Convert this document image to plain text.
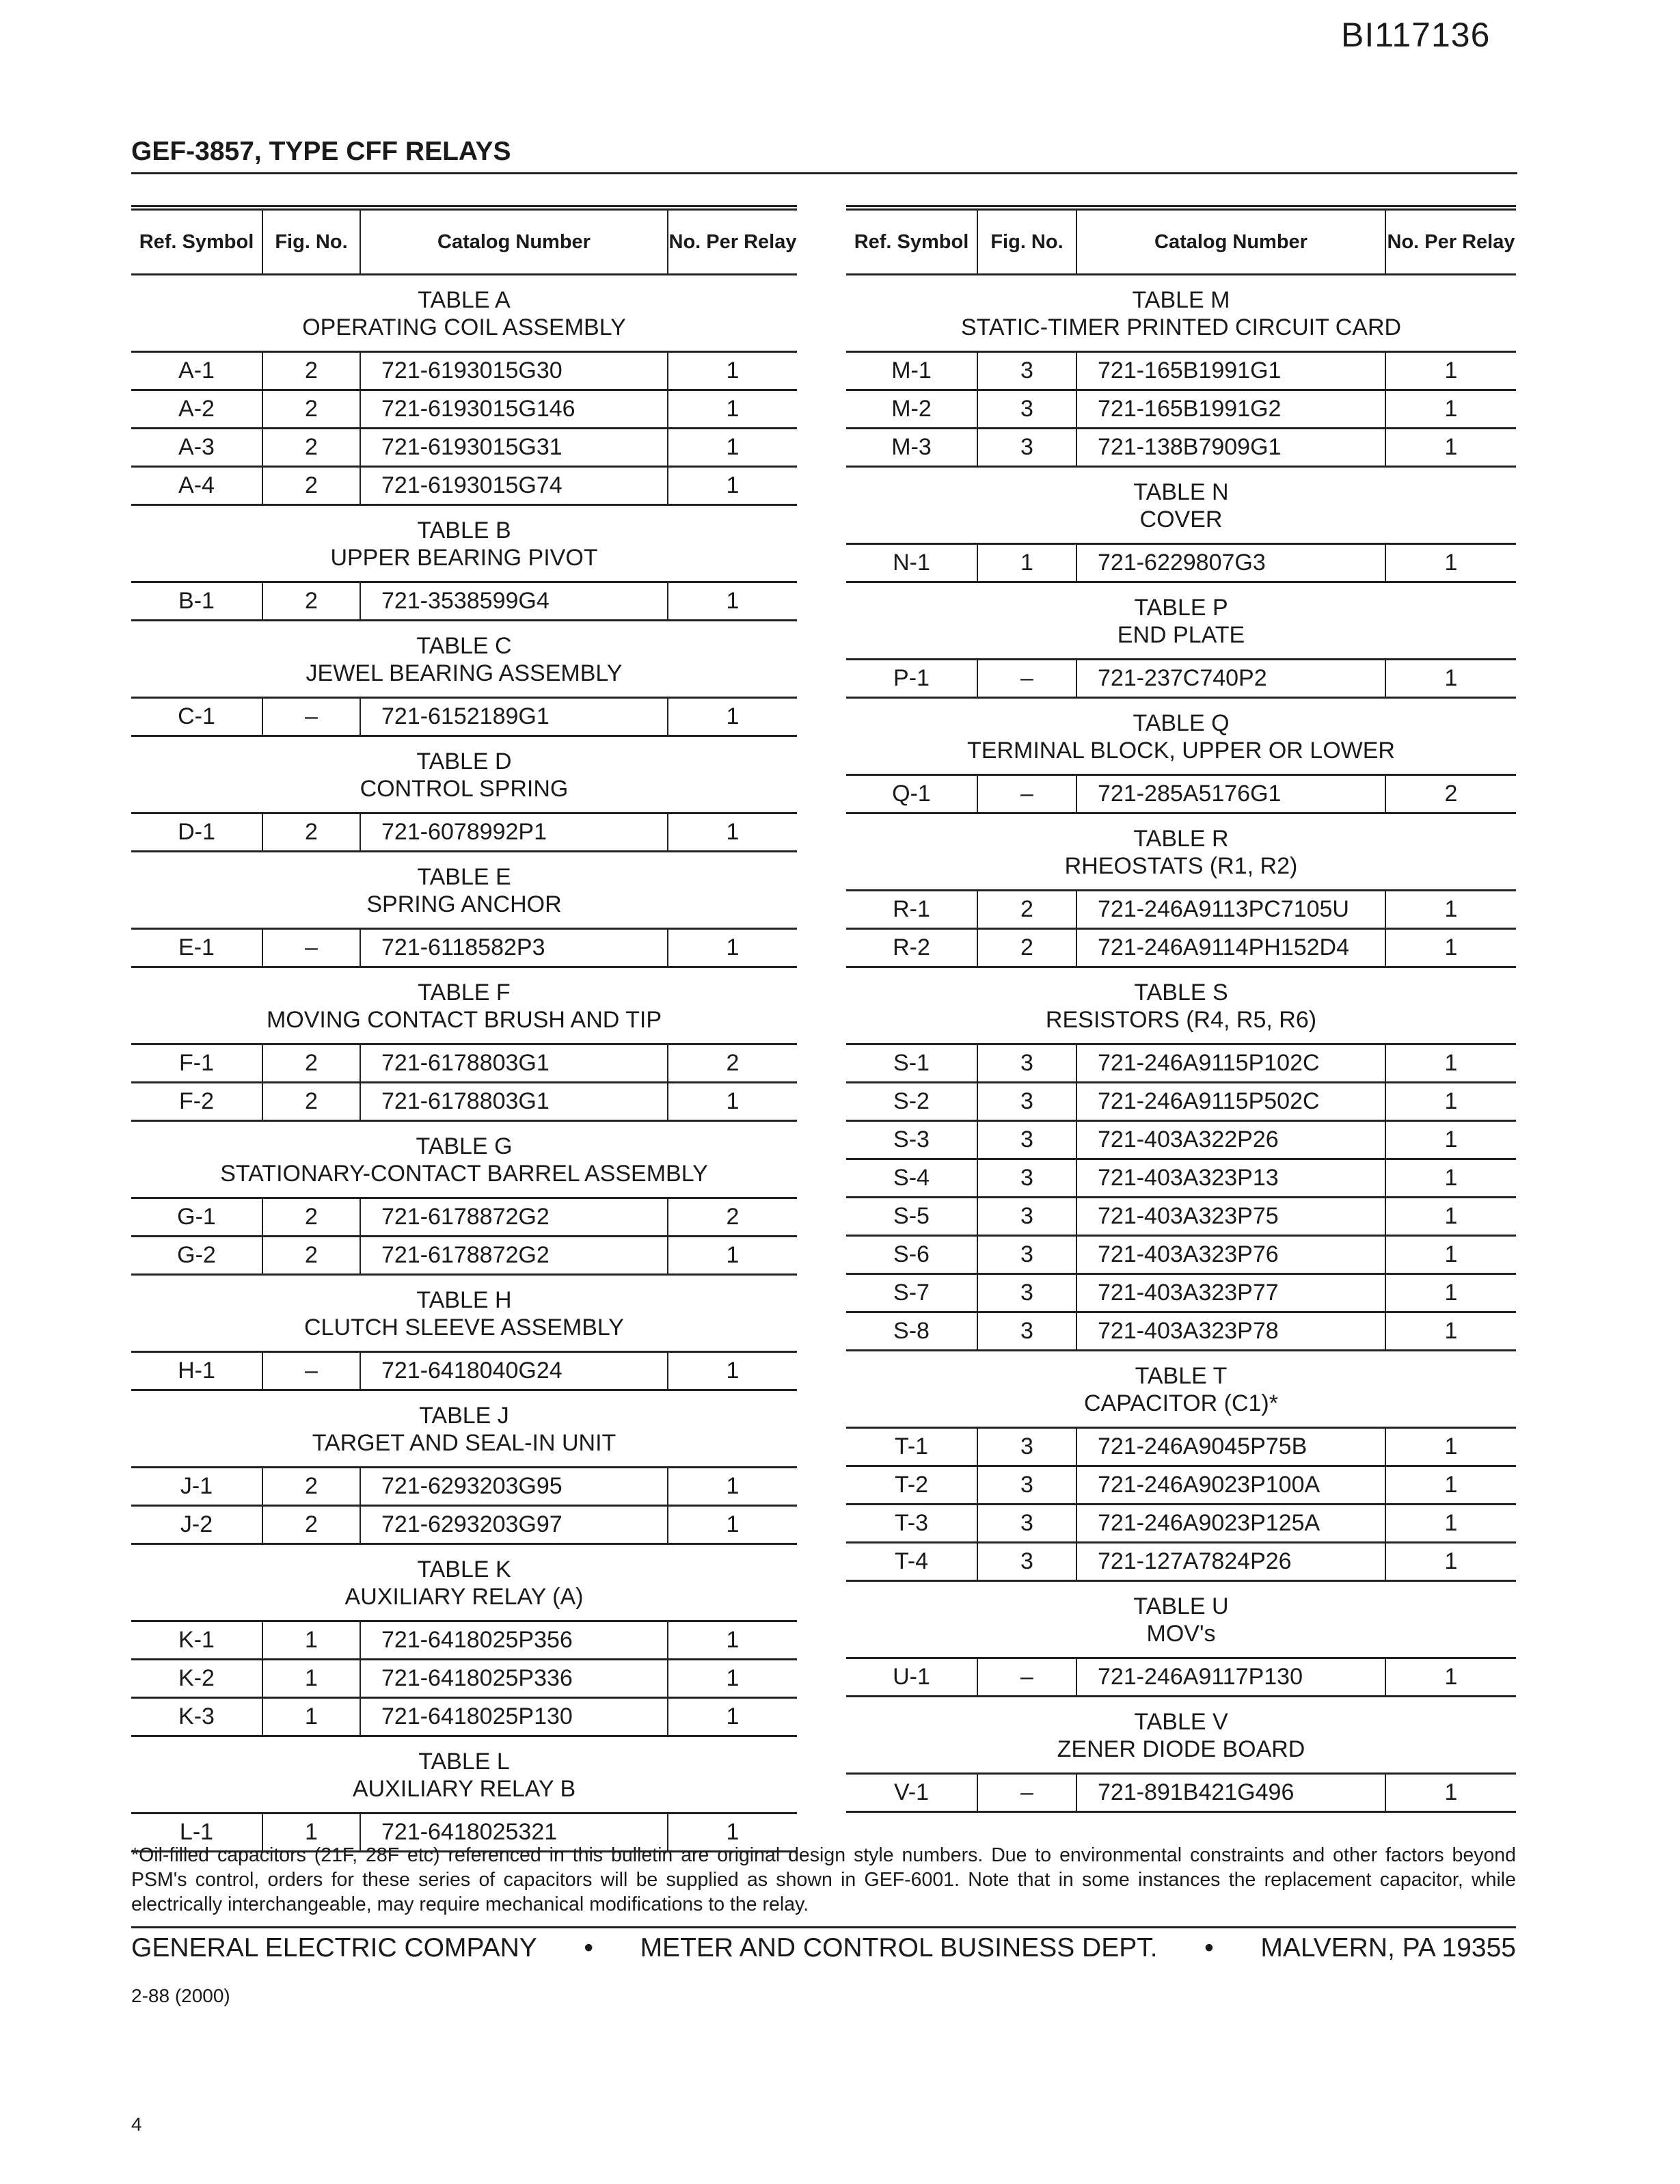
BI117136
GEF-3857, TYPE CFF RELAYS
Ref. Symbol	Fig. No.	Catalog Number	No. Per Relay

TABLE A
OPERATING COIL ASSEMBLY			

A-1	2	721-6193015G30	1
A-2	2	721-6193015G146	1
A-3	2	721-6193015G31	1
A-4	2	721-6193015G74	1

TABLE B
UPPER BEARING PIVOT			

B-1	2	721-3538599G4	1

TABLE C
JEWEL BEARING ASSEMBLY			

C-1	–	721-6152189G1	1

TABLE D
CONTROL SPRING			

D-1	2	721-6078992P1	1

TABLE E
SPRING ANCHOR			

E-1	–	721-6118582P3	1

TABLE F
MOVING CONTACT BRUSH AND TIP			

F-1	2	721-6178803G1	2
F-2	2	721-6178803G1	1

TABLE G
STATIONARY-CONTACT BARREL ASSEMBLY			

G-1	2	721-6178872G2	2
G-2	2	721-6178872G2	1

TABLE H
CLUTCH SLEEVE ASSEMBLY			

H-1	–	721-6418040G24	1

TABLE J
TARGET AND SEAL-IN UNIT			

J-1	2	721-6293203G95	1
J-2	2	721-6293203G97	1

TABLE K
AUXILIARY RELAY (A)			

K-1	1	721-6418025P356	1
K-2	1	721-6418025P336	1
K-3	1	721-6418025P130	1

TABLE L
AUXILIARY RELAY B			

L-1	1	721-6418025321	1
Ref. Symbol	Fig. No.	Catalog Number	No. Per Relay

TABLE M
STATIC-TIMER PRINTED CIRCUIT CARD			

M-1	3	721-165B1991G1	1
M-2	3	721-165B1991G2	1
M-3	3	721-138B7909G1	1

TABLE N
COVER			

N-1	1	721-6229807G3	1

TABLE P
END PLATE			

P-1	–	721-237C740P2	1

TABLE Q
TERMINAL BLOCK, UPPER OR LOWER			

Q-1	–	721-285A5176G1	2

TABLE R
RHEOSTATS (R1, R2)			

R-1	2	721-246A9113PC7105U	1
R-2	2	721-246A9114PH152D4	1

TABLE S
RESISTORS (R4, R5, R6)			

S-1	3	721-246A9115P102C	1
S-2	3	721-246A9115P502C	1
S-3	3	721-403A322P26	1
S-4	3	721-403A323P13	1
S-5	3	721-403A323P75	1
S-6	3	721-403A323P76	1
S-7	3	721-403A323P77	1
S-8	3	721-403A323P78	1

TABLE T
CAPACITOR (C1)*			

T-1	3	721-246A9045P75B	1
T-2	3	721-246A9023P100A	1
T-3	3	721-246A9023P125A	1
T-4	3	721-127A7824P26	1

TABLE U
MOV's			

U-1	–	721-246A9117P130	1

TABLE V
ZENER DIODE BOARD			

V-1	–	721-891B421G496	1
*Oil-filled capacitors (21F, 28F etc) referenced in this bulletin are original design style numbers. Due to environmental constraints and other factors beyond PSM's control, orders for these series of capacitors will be supplied as shown in GEF-6001. Note that in some instances the replacement capacitor, while electrically interchangeable, may require mechanical modifications to the relay.
GENERAL ELECTRIC COMPANY • METER AND CONTROL BUSINESS DEPT. • MALVERN, PA 19355
2-88 (2000)
4
